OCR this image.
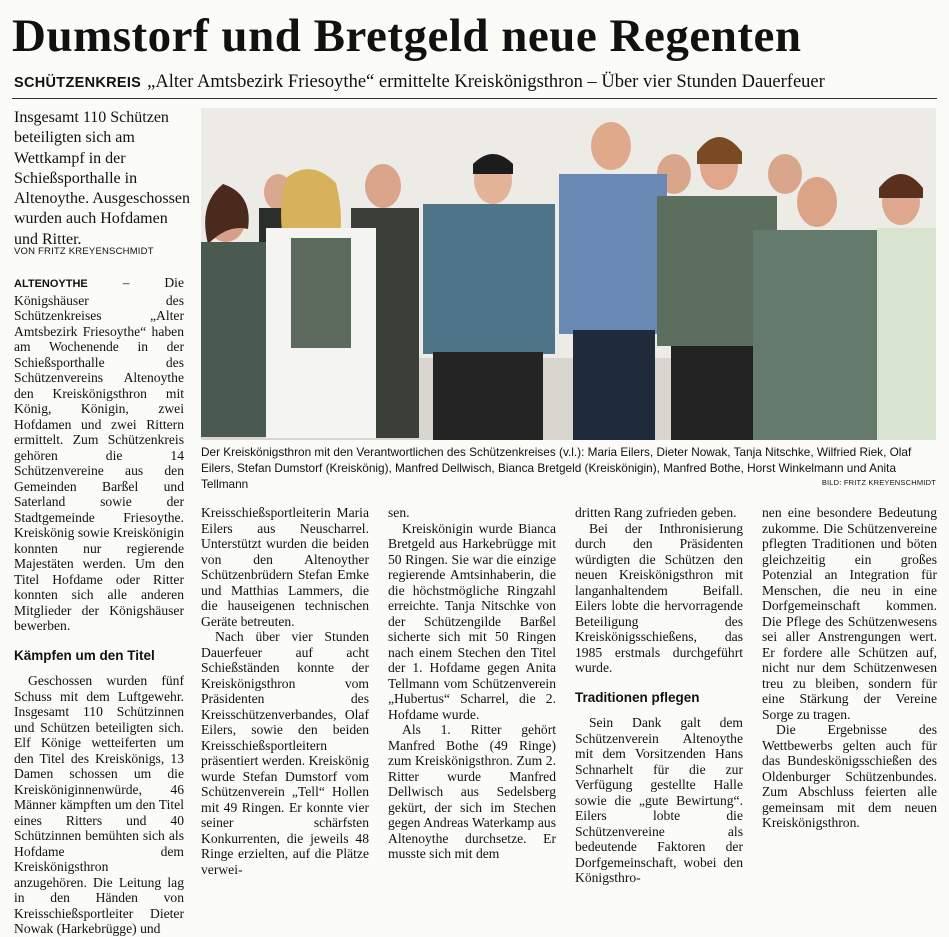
Dumstorf und Bretgeld neue Regenten
SCHÜTZENKREIS „Alter Amtsbezirk Friesoythe“ ermittelte Kreiskönigsthron – Über vier Stunden Dauerfeuer
Insgesamt 110 Schützen beteiligten sich am Wettkampf in der Schießsporthalle in Altenoythe. Ausgeschossen wurden auch Hofdamen und Ritter.
VON FRITZ KREYENSCHMIDT
Der Kreiskönigsthron mit den Verantwortlichen des Schützenkreises (v.l.): Maria Eilers, Dieter Nowak, Tanja Nitschke, Wilfried Riek, Olaf Eilers, Stefan Dumstorf (Kreiskönig), Manfred Dellwisch, Bianca Bretgeld (Kreiskönigin), Manfred Bothe, Horst Winkelmann und Anita Tellmann	BILD: FRITZ KREYENSCHMIDT

ALTENOYTHE – Die Königshäuser des Schützenkreises „Alter Amtsbezirk Friesoythe“ haben am Wochenende in der Schießsporthalle des Schützenvereins Altenoythe den Kreiskönigsthron mit König, Königin, zwei Hofdamen und zwei Rittern ermittelt. Zum Schützenkreis gehören die 14 Schützenvereine aus den Gemeinden Barßel und Saterland sowie der Stadtgemeinde Friesoythe. Kreiskönig sowie Kreiskönigin konnten nur regierende Majestäten werden. Um den Titel Hofdame oder Ritter konnten sich alle anderen Mitglieder der Königshäuser bewerben.

Kämpfen um den Titel

Geschossen wurden fünf Schuss mit dem Luftgewehr. Insgesamt 110 Schützinnen und Schützen beteiligten sich. Elf Könige wetteiferten um den Titel des Kreiskönigs, 13 Damen schossen um die Kreisköniginnenwürde, 46 Männer kämpften um den Titel eines Ritters und 40 Schützinnen bemühten sich als Hofdame dem Kreiskönigsthron anzugehören. Die Leitung lag in den Händen von Kreisschießsportleiter Dieter Nowak (Harkebrügge) und

Kreisschießsportleiterin Maria Eilers aus Neuscharrel. Unterstützt wurden die beiden von den Altenoyther Schützenbrüdern Stefan Emke und Matthias Lammers, die die hauseigenen technischen Geräte betreuten.

Nach über vier Stunden Dauerfeuer auf acht Schießständen konnte der Kreiskönigsthron vom Präsidenten des Kreisschützenverbandes, Olaf Eilers, sowie den beiden Kreisschießsportleitern präsentiert werden. Kreiskönig wurde Stefan Dumstorf vom Schützenverein „Tell“ Hollen mit 49 Ringen. Er konnte vier seiner schärfsten Konkurrenten, die jeweils 48 Ringe erzielten, auf die Plätze verwei-

sen.

Kreiskönigin wurde Bianca Bretgeld aus Harkebrügge mit 50 Ringen. Sie war die einzige regierende Amtsinhaberin, die die höchstmögliche Ringzahl erreichte. Tanja Nitschke von der Schützengilde Barßel sicherte sich mit 50 Ringen nach einem Stechen den Titel der 1. Hofdame gegen Anita Tellmann vom Schützenverein „Hubertus“ Scharrel, die 2. Hofdame wurde.

Als 1. Ritter gehört Manfred Bothe (49 Ringe) zum Kreiskönigsthron. Zum 2. Ritter wurde Manfred Dellwisch aus Sedelsberg gekürt, der sich im Stechen gegen Andreas Waterkamp aus Altenoythe durchsetze. Er musste sich mit dem

dritten Rang zufrieden geben.

Bei der Inthronisierung durch den Präsidenten würdigten die Schützen den neuen Kreiskönigsthron mit langanhaltendem Beifall. Eilers lobte die hervorragende Beteiligung des Kreiskönigsschießens, das 1985 erstmals durchgeführt wurde.

Traditionen pflegen

Sein Dank galt dem Schützenverein Altenoythe mit dem Vorsitzenden Hans Schnarhelt für die zur Verfügung gestellte Halle sowie die „gute Bewirtung“. Eilers lobte die Schützenvereine als bedeutende Faktoren der Dorfgemeinschaft, wobei den Königsthro-

nen eine besondere Bedeutung zukomme. Die Schützenvereine pflegten Traditionen und böten gleichzeitig ein großes Potenzial an Integration für Menschen, die neu in eine Dorfgemeinschaft kommen. Die Pflege des Schützenwesens sei aller Anstrengungen wert. Er fordere alle Schützen auf, nicht nur dem Schützenwesen treu zu bleiben, sondern für eine Stärkung der Vereine Sorge zu tragen.

Die Ergebnisse des Wettbewerbs gelten auch für das Bundeskönigsschießen des Oldenburger Schützenbundes. Zum Abschluss feierten alle gemeinsam mit dem neuen Kreiskönigsthron.
